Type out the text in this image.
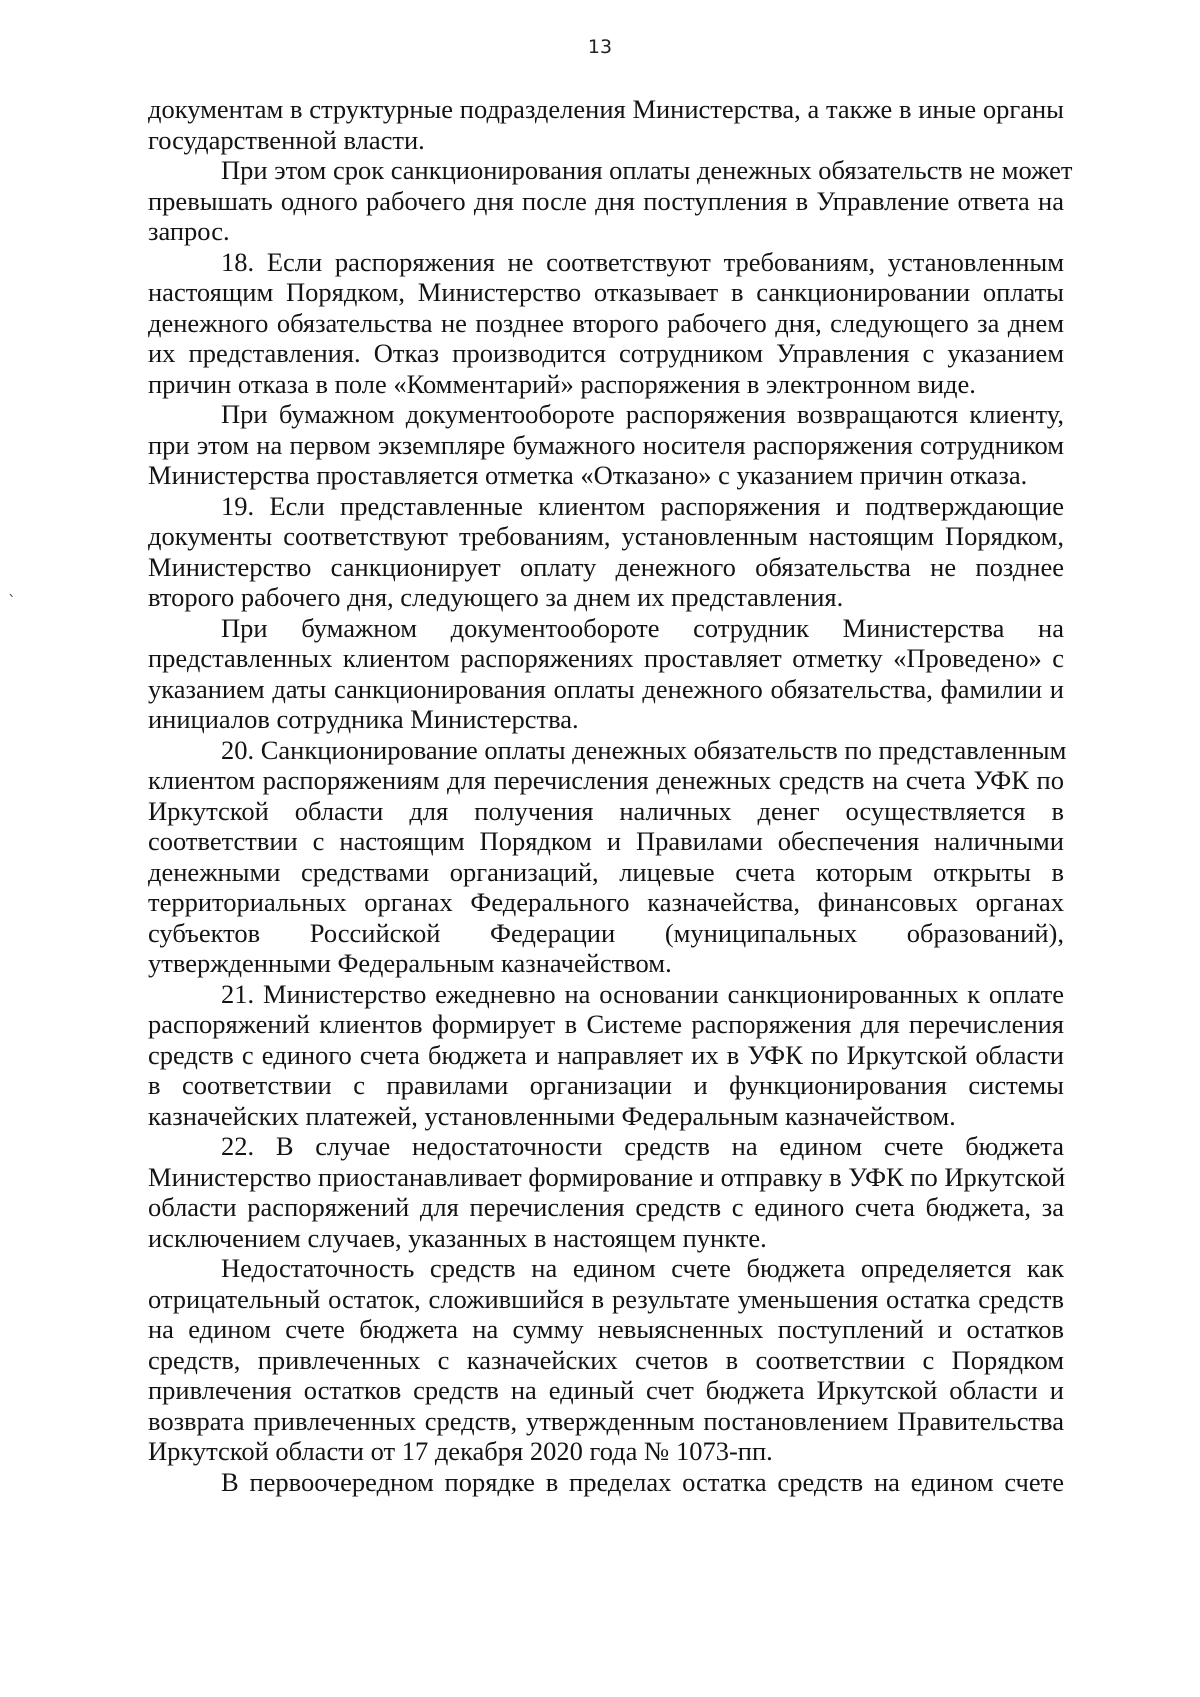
13
документам в структурные подразделения Министерства, а также в иные органы
государственной власти.
При этом срок санкционирования оплаты денежных обязательств не может
превышать одного рабочего дня после дня поступления в Управление ответа на
запрос.
18. Если распоряжения не соответствуют требованиям, установленным
настоящим Порядком, Министерство отказывает в санкционировании оплаты
денежного обязательства не позднее второго рабочего дня, следующего за днем
их представления. Отказ производится сотрудником Управления с указанием
причин отказа в поле «Комментарий» распоряжения в электронном виде.
При бумажном документообороте распоряжения возвращаются клиенту,
при этом на первом экземпляре бумажного носителя распоряжения сотрудником
Министерства проставляется отметка «Отказано» с указанием причин отказа.
19. Если представленные клиентом распоряжения и подтверждающие
документы соответствуют требованиям, установленным настоящим Порядком,
Министерство санкционирует оплату денежного обязательства не позднее
второго рабочего дня, следующего за днем их представления.
При бумажном документообороте сотрудник Министерства на
представленных клиентом распоряжениях проставляет отметку «Проведено» с
указанием даты санкционирования оплаты денежного обязательства, фамилии и
инициалов сотрудника Министерства.
20. Санкционирование оплаты денежных обязательств по представленным
клиентом распоряжениям для перечисления денежных средств на счета УФК по
Иркутской области для получения наличных денег осуществляется в
соответствии с настоящим Порядком и Правилами обеспечения наличными
денежными средствами организаций, лицевые счета которым открыты в
территориальных органах Федерального казначейства, финансовых органах
субъектов Российской Федерации (муниципальных образований),
утвержденными Федеральным казначейством.
21. Министерство ежедневно на основании санкционированных к оплате
распоряжений клиентов формирует в Системе распоряжения для перечисления
средств с единого счета бюджета и направляет их в УФК по Иркутской области
в соответствии с правилами организации и функционирования системы
казначейских платежей, установленными Федеральным казначейством.
22. В случае недостаточности средств на едином счете бюджета
Министерство приостанавливает формирование и отправку в УФК по Иркутской
области распоряжений для перечисления средств с единого счета бюджета, за
исключением случаев, указанных в настоящем пункте.
Недостаточность средств на едином счете бюджета определяется как
отрицательный остаток, сложившийся в результате уменьшения остатка средств
на едином счете бюджета на сумму невыясненных поступлений и остатков
средств, привлеченных с казначейских счетов в соответствии с Порядком
привлечения остатков средств на единый счет бюджета Иркутской области и
возврата привлеченных средств, утвержденным постановлением Правительства
Иркутской области от 17 декабря 2020 года № 1073-пп.
В первоочередном порядке в пределах остатка средств на едином счете
`
